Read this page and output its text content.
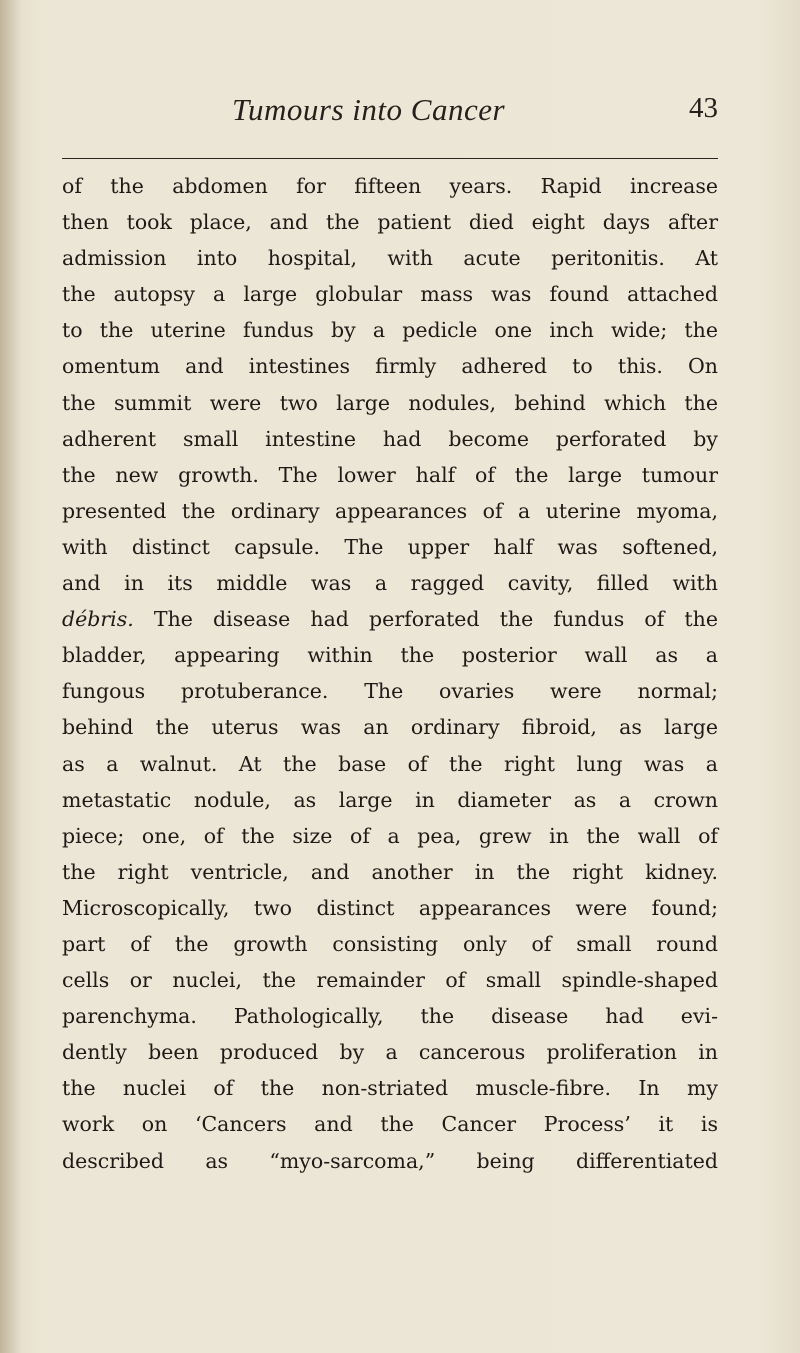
Tumours into Cancer	43
of the abdomen for fifteen years. Rapid increase
then took place, and the patient died eight days after
admission into hospital, with acute peritonitis. At
the autopsy a large globular mass was found attached
to the uterine fundus by a pedicle one inch wide; the
omentum and intestines firmly adhered to this. On
the summit were two large nodules, behind which the
adherent small intestine had become perforated by
the new growth. The lower half of the large tumour
presented the ordinary appearances of a uterine myoma,
with distinct capsule. The upper half was softened,
and in its middle was a ragged cavity, filled with
débris. The disease had perforated the fundus of the
bladder, appearing within the posterior wall as a
fungous protuberance. The ovaries were normal;
behind the uterus was an ordinary fibroid, as large
as a walnut. At the base of the right lung was a
metastatic nodule, as large in diameter as a crown
piece; one, of the size of a pea, grew in the wall of
the right ventricle, and another in the right kidney.
Microscopically, two distinct appearances were found;
part of the growth consisting only of small round
cells or nuclei, the remainder of small spindle-shaped
parenchyma. Pathologically, the disease had evi-
dently been produced by a cancerous proliferation in
the nuclei of the non-striated muscle-fibre. In my
work on ‘Cancers and the Cancer Process’ it is
described as “myo-sarcoma,” being differentiated
